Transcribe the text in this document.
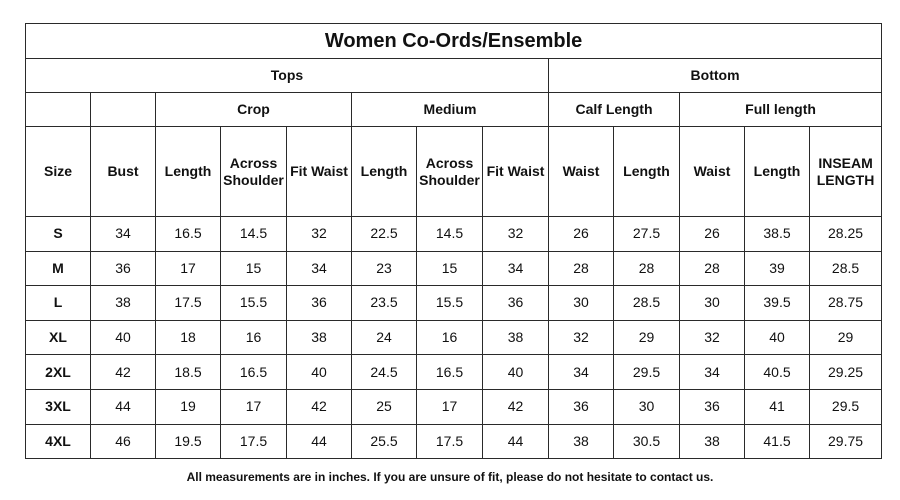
Women Co-Ords/Ensemble												
Tops								Bottom				
		Crop			Medium			Calf Length		Full length		
Size	Bust	Length	Across Shoulder	Fit Waist	Length	Across Shoulder	Fit Waist	Waist	Length	Waist	Length	INSEAM LENGTH
S	34	16.5	14.5	32	22.5	14.5	32	26	27.5	26	38.5	28.25
M	36	17	15	34	23	15	34	28	28	28	39	28.5
L	38	17.5	15.5	36	23.5	15.5	36	30	28.5	30	39.5	28.75
XL	40	18	16	38	24	16	38	32	29	32	40	29
2XL	42	18.5	16.5	40	24.5	16.5	40	34	29.5	34	40.5	29.25
3XL	44	19	17	42	25	17	42	36	30	36	41	29.5
4XL	46	19.5	17.5	44	25.5	17.5	44	38	30.5	38	41.5	29.75
All measurements are in inches. If you are unsure of fit, please do not hesitate to contact us.
